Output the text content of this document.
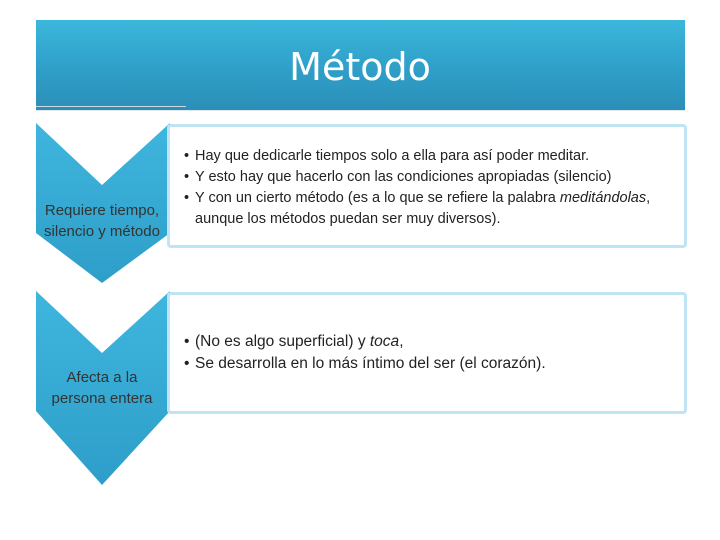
Método
Requiere tiempo,
silencio y método
• Hay que dedicarle tiempos solo a ella para así poder meditar.
• Y esto hay que hacerlo con las condiciones apropiadas (silencio)
• Y con un cierto método (es a lo que se refiere la palabra meditándolas, aunque los métodos puedan ser muy diversos).
Afecta a la
persona entera
• (No es algo superficial) y toca,
• Se desarrolla en lo más íntimo del ser (el corazón).
